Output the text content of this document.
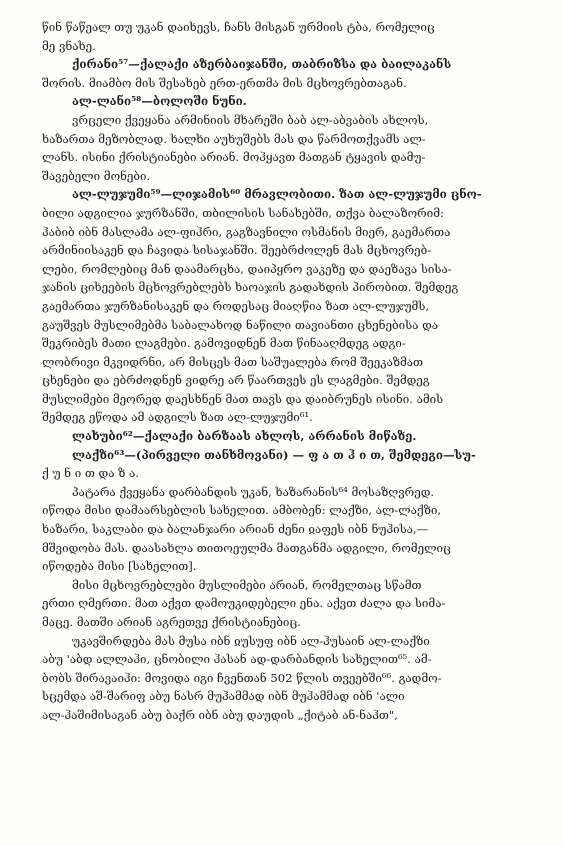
წინ წაწეალ თუ უკან დაიხევს, ჩანს მისგან ურმიის ტბა, რომელიც
მე ვნახე.
ქირანი⁵⁷—ქალაქი აზერბაიჯანში, თაბრიზსა და ბაილაკანს
შორის. მიამბო მის შესახებ ერთ-ერთმა მის მცხოვრებთაგან.
ალ-ლანი⁵⁸—ბოლოში ნუნი.
ვრცელი ქვეყანა არმინიის მხარეში ბაბ ალ-აბვაბის ახლოს,
ხაზართა მეზობლად. ხალხი აუხუშებს მას და წარმოთქვამს ალ-
ლანს. ისინი ქრისტიანები არიან. მოჰყავთ მათგან ტყავის დამუ-
შავებელი მონები.
ალ-ლუჯუმი⁵⁹—ლიჯამის⁶⁰ მრავლობითი. ზათ ალ-ლუჯუმი ცნო-
ბილი ადგილია ჯურზანში, თბილისის სანახებში, თქვა ბალაზორიმ:
ჰაბიბ იბნ მასლამა ალ-ფიჰრი, გაგზავნილი ოსმანის მიერ, გაემართა
არმინიისაკენ და ჩავიდა სისაჯანში. შეებრძოლენ მას მცხოვრებ-
ლები, რომლებიც მან დაამარცხა, დაიპყრო ვაკეზე და დაეზავა სისა-
ჯანის ციხეების მცხოვრებლებს ხაოაჯის გადახდის პირობით. შემდეგ
გაემართა ჯურზანისაკენ და როდესაც მიაღწია ზათ ალ-ლუჯუმს,
გაუშვეს მუსლიმებმა საბალახოდ ნაწილი თავიანთი ცხენებისა და
შეკრიბეს მათი ლაგმები. გამოვიდნენ მათ წინააღმდეგ ადგი-
ლობრივი მკვიდრნი, არ მისცეს მათ საშუალება რომ შეეკაზმათ
ცხენები და ებრძოდნენ ვიდრე არ წაართვეს ეს ლაგმები. შემდეგ
მუსლიმები მეორედ დაესხნენ მათ თავს და დაიბრუნეს ისინი. ამის
შემდეგ ეწოდა ამ ადგილს ზათ ალ-ლუჯუმი⁶¹.
ლახუბი⁶²—ქალაქი ბარზაას ახლოს, არრანის მიწაზე.
ლაქზი⁶³—(პირველი თანხმოვანი) — ფ ა თ ჰ ი თ, შემდეგი—სუ-
ქ უ ნ ი თ და ზ ა.
პატარა ქვეყანა დარბანდის უკან, ხაზარანის⁶⁴ მოსაზღვრედ.
იწოდა მისი დამაარსებლის სახელით. ამბობენ: ლაქზი, ალ-ლაქზი,
ხაზარი, საკლაბი და ბალანჯარი არიან ძენი ჲაფეს იბნ ნუჰისა,—
მშვიდობა მას. დაასახლა თითოეულმა მათგანმა ადგილი, რომელიც
იწოდება მისი [სახელით].
მისი მცხოვრებლები მუსლიმები არიან, რომელთაც სწამთ
ერთი ღმერთი. მათ აქვთ დამოუკიდებელი ენა. აქვთ ძალა და სიმა-
მაცე. მათში არიან აგრეთვე ქრისტიანებიც.
უკავშირდება მას მუსა იბნ ჲუსუფ იბნ ალ-ჰუსაინ ალ-ლაქზი
აბუ 'აბდ ალლაჰი, ცნობილი ჰასან ად-დარბანდის სახელით⁶⁵. ამ-
ბობს შირავაიჰი: მოვიდა იგი ჩვენთან 502 წლის თვეებში⁶⁶. გადმო-
სცემდა აშ-შარიფ აბუ ნასრ მუჰამმად იბნ მუჰამმად იბნ 'ალი
ალ-ჰაშიმისაგან აბუ ბაქრ იბნ აბუ დაუდის „ქიტაბ ან-ნაჰთ",
